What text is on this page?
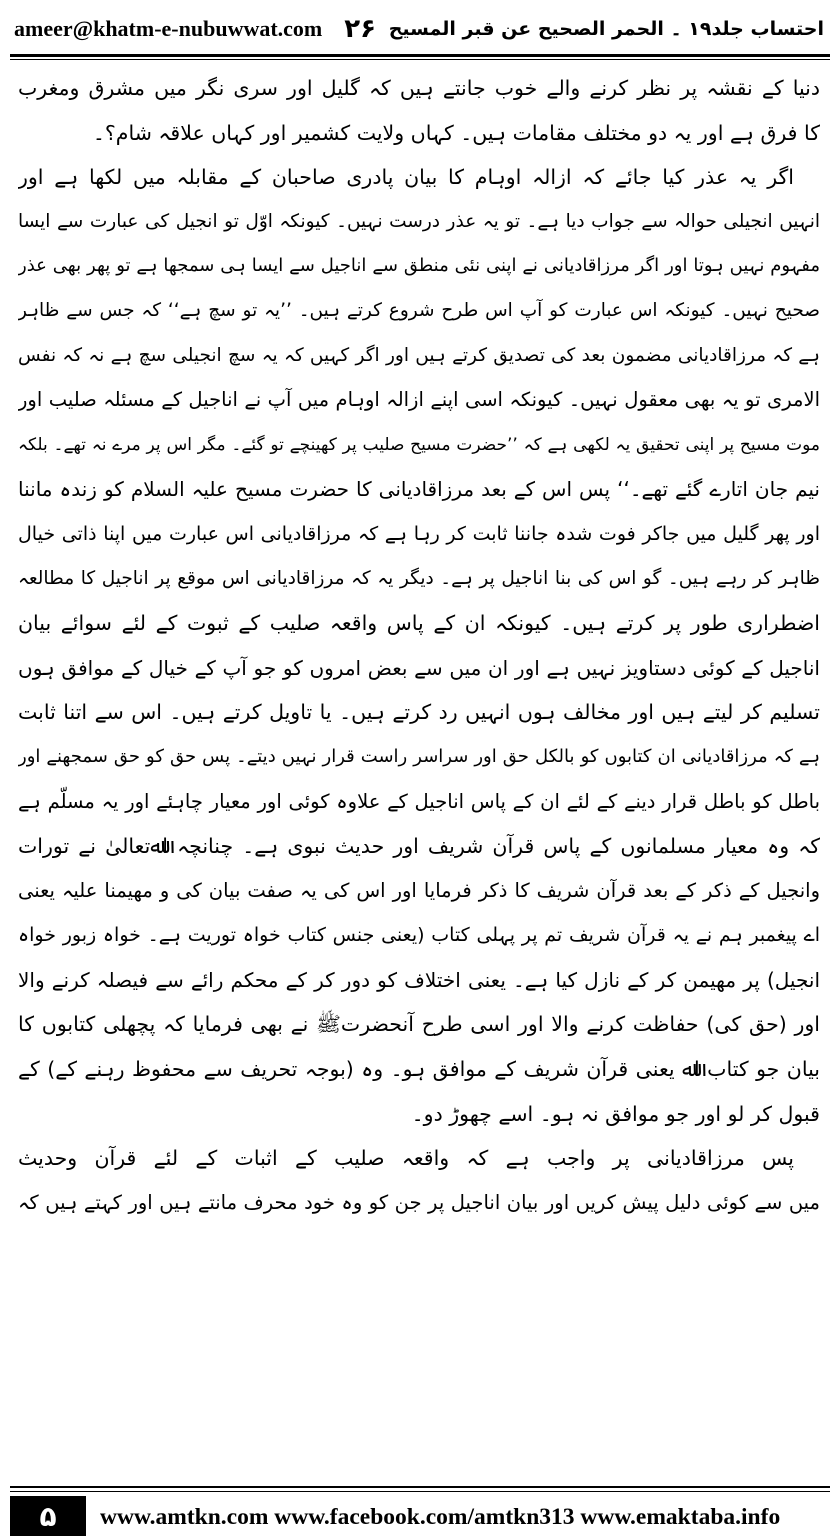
ameer@khatm-e-nubuwwat.com ۲۶ احتساب جلد۱۹ ۔ الحمر الصحیح عن قبر المسیح
دنیا کے نقشہ پر نظر کرنے والے خوب جانتے ہیں کہ گلیل اور سری نگر میں مشرق ومغرب
کا فرق ہے اور یہ دو مختلف مقامات ہیں۔ کہاں ولایت کشمیر اور کہاں علاقہ شام؟۔
اگر یہ عذر کیا جائے کہ ازالہ اوہام کا بیان پادری صاحبان کے مقابلہ میں لکھا ہے اور
انہیں انجیلی حوالہ سے جواب دیا ہے۔ تو یہ عذر درست نہیں۔ کیونکہ اوّل تو انجیل کی عبارت سے ایسا
مفہوم نہیں ہوتا اور اگر مرزاقادیانی نے اپنی نئی منطق سے اناجیل سے ایسا ہی سمجھا ہے تو پھر بھی عذر
صحیح نہیں۔ کیونکہ اس عبارت کو آپ اس طرح شروع کرتے ہیں۔ ’’یہ تو سچ ہے‘‘ کہ جس سے ظاہر
ہے کہ مرزاقادیانی مضمون بعد کی تصدیق کرتے ہیں اور اگر کہیں کہ یہ سچ انجیلی سچ ہے نہ کہ نفس
الامری تو یہ بھی معقول نہیں۔ کیونکہ اسی اپنے ازالہ اوہام میں آپ نے اناجیل کے مسئلہ صلیب اور
موت مسیح پر اپنی تحقیق یہ لکھی ہے کہ ’’حضرت مسیح صلیب پر کھینچے تو گئے۔ مگر اس پر مرے نہ تھے۔ بلکہ
نیم جان اتارے گئے تھے۔‘‘ پس اس کے بعد مرزاقادیانی کا حضرت مسیح علیہ السلام کو زندہ ماننا
اور پھر گلیل میں جاکر فوت شدہ جاننا ثابت کر رہا ہے کہ مرزاقادیانی اس عبارت میں اپنا ذاتی خیال
ظاہر کر رہے ہیں۔ گو اس کی بنا اناجیل پر ہے۔ دیگر یہ کہ مرزاقادیانی اس موقع پر اناجیل کا مطالعہ
اضطراری طور پر کرتے ہیں۔ کیونکہ ان کے پاس واقعہ صلیب کے ثبوت کے لئے سوائے بیان
اناجیل کے کوئی دستاویز نہیں ہے اور ان میں سے بعض امروں کو جو آپ کے خیال کے موافق ہوں
تسلیم کر لیتے ہیں اور مخالف ہوں انہیں رد کرتے ہیں۔ یا تاویل کرتے ہیں۔ اس سے اتنا ثابت
ہے کہ مرزاقادیانی ان کتابوں کو بالکل حق اور سراسر راست قرار نہیں دیتے۔ پس حق کو حق سمجھنے اور
باطل کو باطل قرار دینے کے لئے ان کے پاس اناجیل کے علاوہ کوئی اور معیار چاہئے اور یہ مسلّم ہے
کہ وہ معیار مسلمانوں کے پاس قرآن شریف اور حدیث نبوی ہے۔ چنانچہ اﷲتعالیٰ نے تورات
وانجیل کے ذکر کے بعد قرآن شریف کا ذکر فرمایا اور اس کی یہ صفت بیان کی و مھیمنا علیہ یعنی
اے پیغمبر ہم نے یہ قرآن شریف تم پر پہلی کتاب (یعنی جنس کتاب خواہ توریت ہے۔ خواہ زبور خواہ
انجیل) پر مھیمن کر کے نازل کیا ہے۔ یعنی اختلاف کو دور کر کے محکم رائے سے فیصلہ کرنے والا
اور (حق کی) حفاظت کرنے والا اور اسی طرح آنحضرتﷺ نے بھی فرمایا کہ پچھلی کتابوں کا
بیان جو کتاب اﷲ یعنی قرآن شریف کے موافق ہو۔ وہ (بوجہ تحریف سے محفوظ رہنے کے) کے
قبول کر لو اور جو موافق نہ ہو۔ اسے چھوڑ دو۔
پس مرزاقادیانی پر واجب ہے کہ واقعہ صلیب کے اثبات کے لئے قرآن وحدیث
میں سے کوئی دلیل پیش کریں اور بیان اناجیل پر جن کو وہ خود محرف مانتے ہیں اور کہتے ہیں کہ
۵	www.amtkn.com www.facebook.com/amtkn313 www.emaktaba.info
